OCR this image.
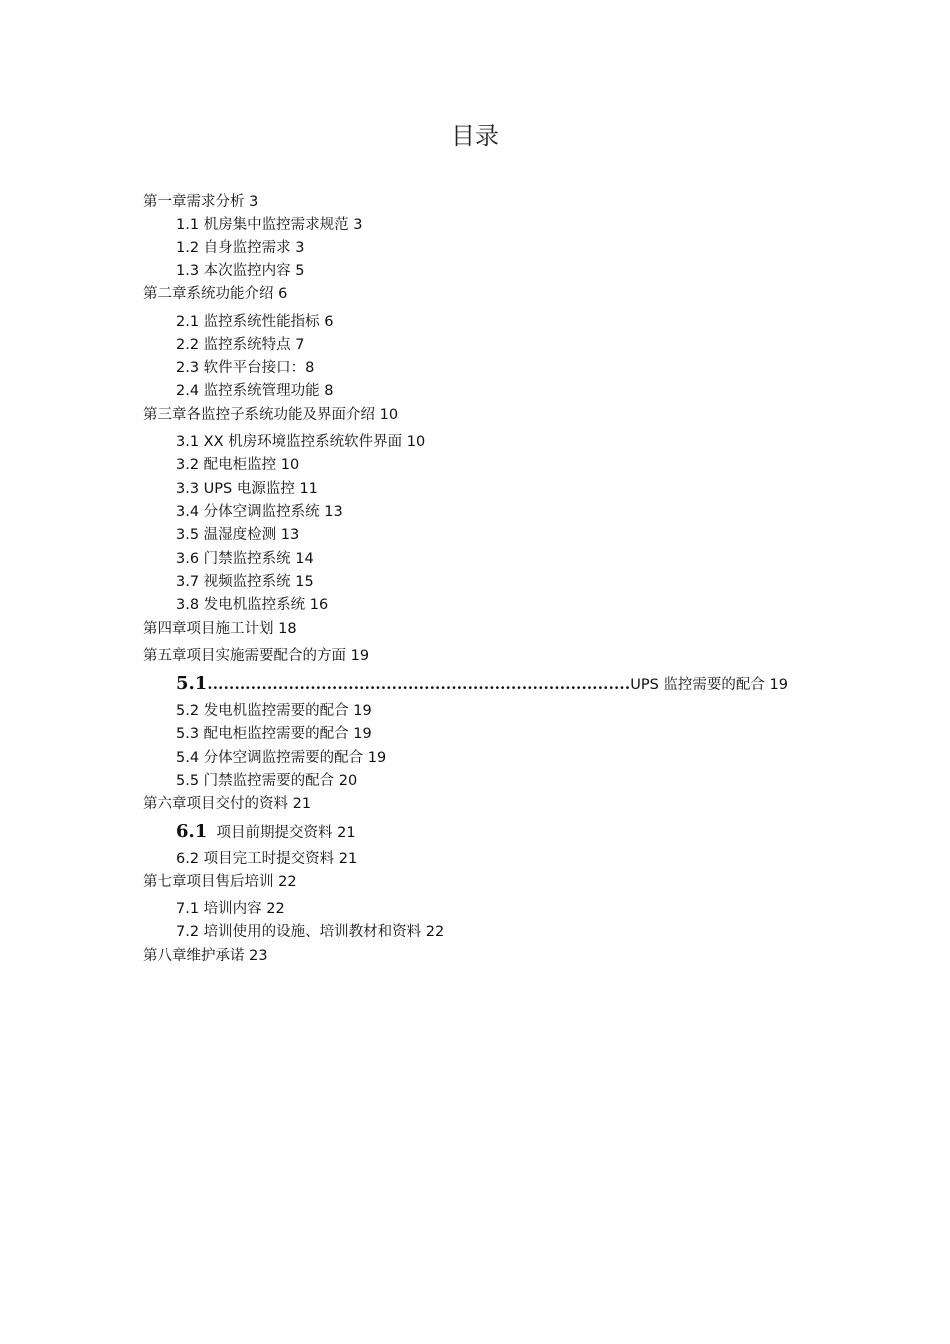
目录
第一章需求分析 3
1.1 机房集中监控需求规范 3
1.2 自身监控需求 3
1.3 本次监控内容 5
第二章系统功能介绍 6
2.1 监控系统性能指标 6
2.2 监控系统特点 7
2.3 软件平台接口：8
2.4 监控系统管理功能 8
第三章各监控子系统功能及界面介绍 10
3.1 XX 机房环境监控系统软件界面 10
3.2 配电柜监控 10
3.3 UPS 电源监控 11
3.4 分体空调监控系统 13
3.5 温湿度检测 13
3.6 门禁监控系统 14
3.7 视频监控系统 15
3.8 发电机监控系统 16
第四章项目施工计划 18
第五章项目实施需要配合的方面 19
5.1..............................................................................UPS 监控需要的配合 19
5.2 发电机监控需要的配合 19
5.3 配电柜监控需要的配合 19
5.4 分体空调监控需要的配合 19
5.5 门禁监控需要的配合 20
第六章项目交付的资料 21
6.1 项目前期提交资料 21
6.2 项目完工时提交资料 21
第七章项目售后培训 22
7.1 培训内容 22
7.2 培训使用的设施、培训教材和资料 22
第八章维护承诺 23
